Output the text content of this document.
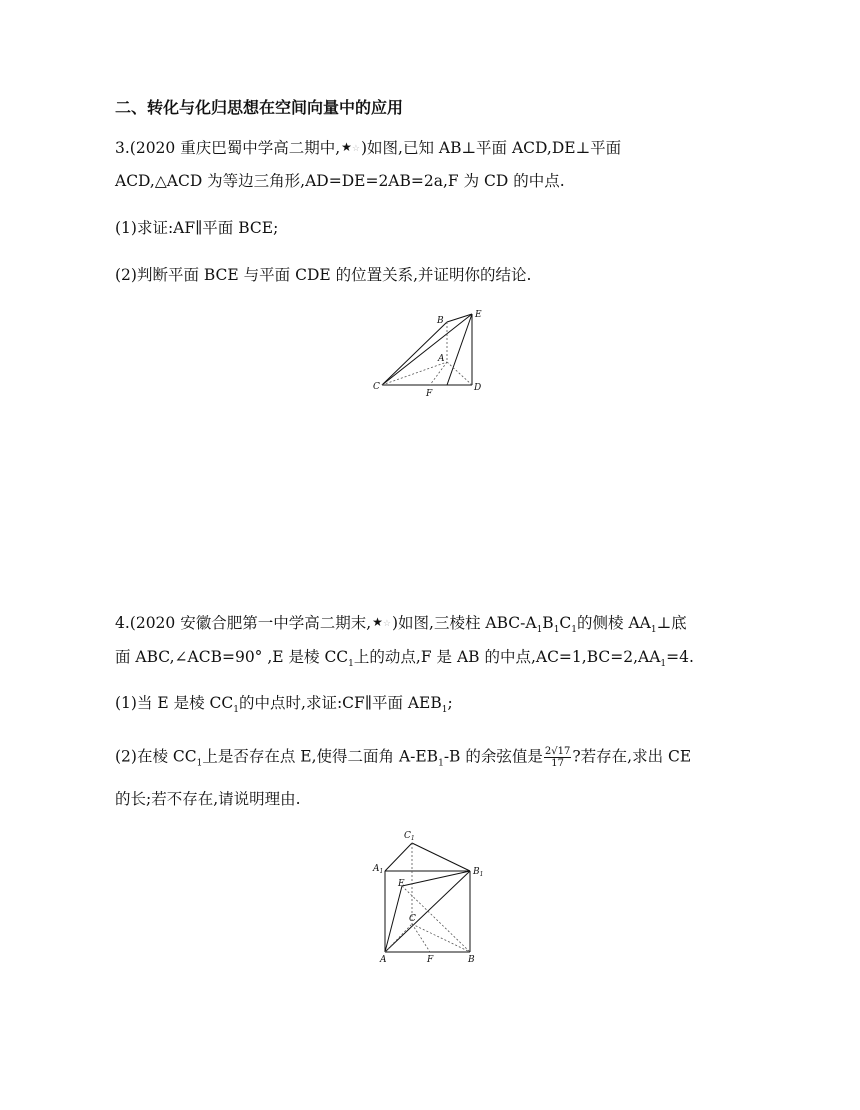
二、转化与化归思想在空间向量中的应用
3.(2020 重庆巴蜀中学高二期中,★☆)如图,已知 AB⊥平面 ACD,DE⊥平面
ACD,△ACD 为等边三角形,AD=DE=2AB=2a,F 为 CD 的中点.
(1)求证:AF∥平面 BCE;
(2)判断平面 BCE 与平面 CDE 的位置关系,并证明你的结论.
B
E
A
C
F
D
4.(2020 安徽合肥第一中学高二期末,★☆)如图,三棱柱 ABC-$A_1B_1C_1$的侧棱 $AA_1\perp$底
面 ABC,∠ACB=90° ,E 是棱 $CC_1$上的动点,F 是 AB 的中点$,AC=1,BC=2,AA_1=4$.
(1)当 E 是棱 $CC_1$的中点时,求证:CF∥平面 $AEB_1$;
(2)在棱 $CC_1$上是否存在点 E,使得二面角 $A-EB_1-B$ 的余弦值是 $\frac{2√17}{17}$ ?若存在,求出 CE
的长;若不存在,请说明理由.
$C_1$
$A_1$	$B_1$
E
C
A	F	B
